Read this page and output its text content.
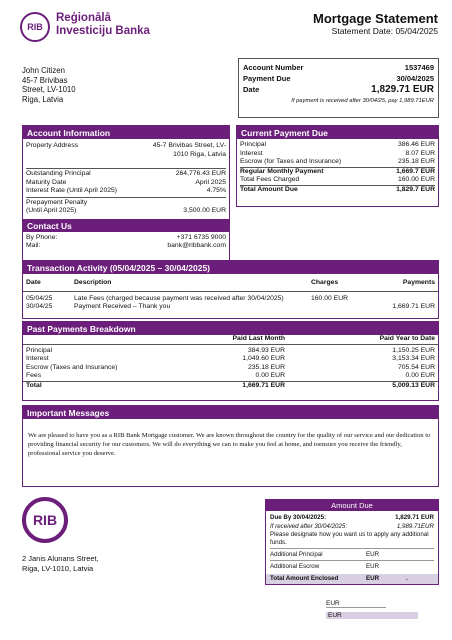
RIB
Reģionālā
Investiciju Banka
Mortgage Statement
Statement Date: 05/04/2025
John Citizen
45-7 Brivibas
Street, LV-1010
Riga, Latvia
Account Number	1537469
Payment Due	30/04/2025
Date	1,829.71 EUR
If payment is received after 30/04/25, pay 1,989.71EUR
Account Information
Property Address	45-7 Brivibas Street, LV-
1010 Riga, Latvia
Outstanding Principal	264,776.43 EUR
Maturity Date	April 2025
Interest Rate (Until April 2025)	4.75%
Prepayment Penalty
(Until April 2025)	3,500.00 EUR
Contact Us
By Phone:	+371 6735 9000
Mail:	bank@ribbank.com
Current Payment Due
Principal	386.46 EUR
Interest	8.07 EUR
Escrow (for Taxes and Insurance)	235.18 EUR
Regular Monthly Payment	1,669.7 EUR
Total Fees Charged	160.00 EUR
Total Amount Due	1,829.7 EUR
Transaction Activity (05/04/2025 – 30/04/2025)
Date	Description	Charges	Payments
05/04/25	Late Fees (charged because payment was received after 30/04/2025)	160.00 EUR	
30/04/25	Payment Received – Thank you		1,669.71 EUR
Past Payments Breakdown
	Paid Last Month	Paid Year to Date
Principal	384.93 EUR	1,150.25 EUR
Interest	1,049.60 EUR	3,153.34 EUR
Escrow (Taxes and Insurance)	235.18 EUR	705.54 EUR
Fees	0.00 EUR	0.00 EUR
Total	1,669.71 EUR	5,009.13 EUR
Important Messages
We are pleased to have you as a RIB Bank Mortgage customer. We are known throughout the country for the quality of our service and our dedication to providing financial security for our customers. We will do everything we can to make you feel at home, and toensure you receive the friendly, professional service you deserve.
RIB
2 Janis Alunans Street,
Riga, LV-1010, Latvia
Amount Due
Due By 30/04/2025:	1,829.71 EUR
If received after 30/04/2025:	1,989.71EUR
Please designate how you want us to apply any additional funds.
Additional Principal	EUR
Additional Escrow	EUR
Total Amount Enclosed	EUR	.
EUR
EUR
